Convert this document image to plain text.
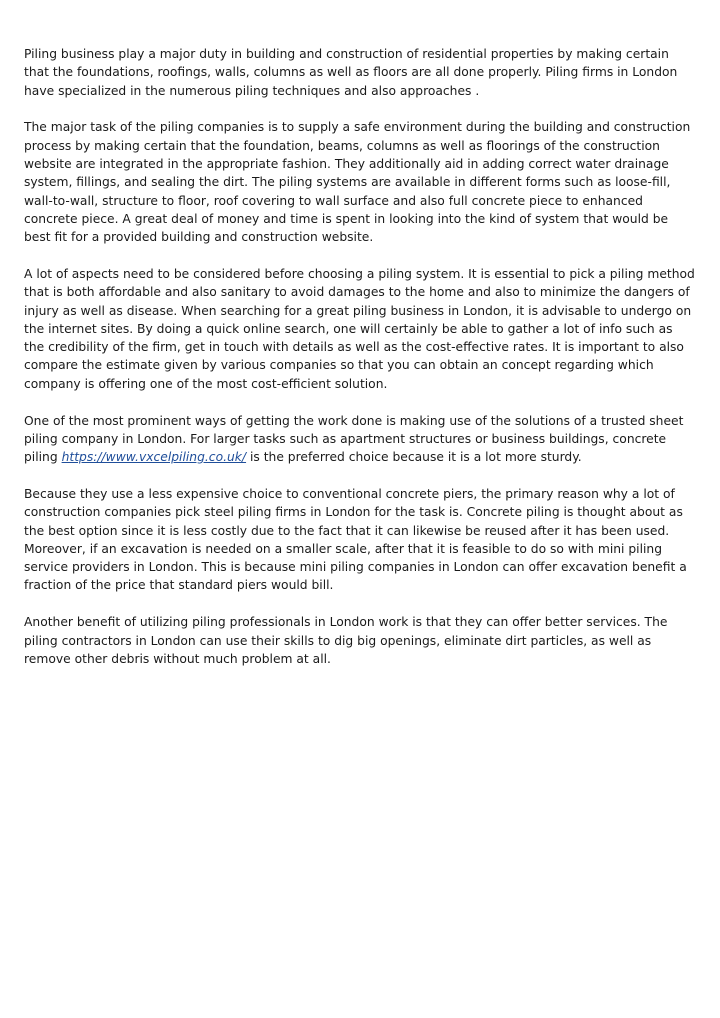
Piling business play a major duty in building and construction of residential properties by making certain that the foundations, roofings, walls, columns as well as floors are all done properly. Piling firms in London have specialized in the numerous piling techniques and also approaches .

The major task of the piling companies is to supply a safe environment during the building and construction process by making certain that the foundation, beams, columns as well as floorings of the construction website are integrated in the appropriate fashion. They additionally aid in adding correct water drainage system, fillings, and sealing the dirt. The piling systems are available in different forms such as loose-fill, wall-to-wall, structure to floor, roof covering to wall surface and also full concrete piece to enhanced concrete piece. A great deal of money and time is spent in looking into the kind of system that would be best fit for a provided building and construction website.

A lot of aspects need to be considered before choosing a piling system. It is essential to pick a piling method that is both affordable and also sanitary to avoid damages to the home and also to minimize the dangers of injury as well as disease. When searching for a great piling business in London, it is advisable to undergo on the internet sites. By doing a quick online search, one will certainly be able to gather a lot of info such as the credibility of the firm, get in touch with details as well as the cost-effective rates. It is important to also compare the estimate given by various companies so that you can obtain an concept regarding which company is offering one of the most cost-efficient solution.

One of the most prominent ways of getting the work done is making use of the solutions of a trusted sheet piling company in London. For larger tasks such as apartment structures or business buildings, concrete piling https://www.vxcelpiling.co.uk/ is the preferred choice because it is a lot more sturdy.

Because they use a less expensive choice to conventional concrete piers, the primary reason why a lot of construction companies pick steel piling firms in London for the task is. Concrete piling is thought about as the best option since it is less costly due to the fact that it can likewise be reused after it has been used. Moreover, if an excavation is needed on a smaller scale, after that it is feasible to do so with mini piling service providers in London. This is because mini piling companies in London can offer excavation benefit a fraction of the price that standard piers would bill.

Another benefit of utilizing piling professionals in London work is that they can offer better services. The piling contractors in London can use their skills to dig big openings, eliminate dirt particles, as well as remove other debris without much problem at all.
